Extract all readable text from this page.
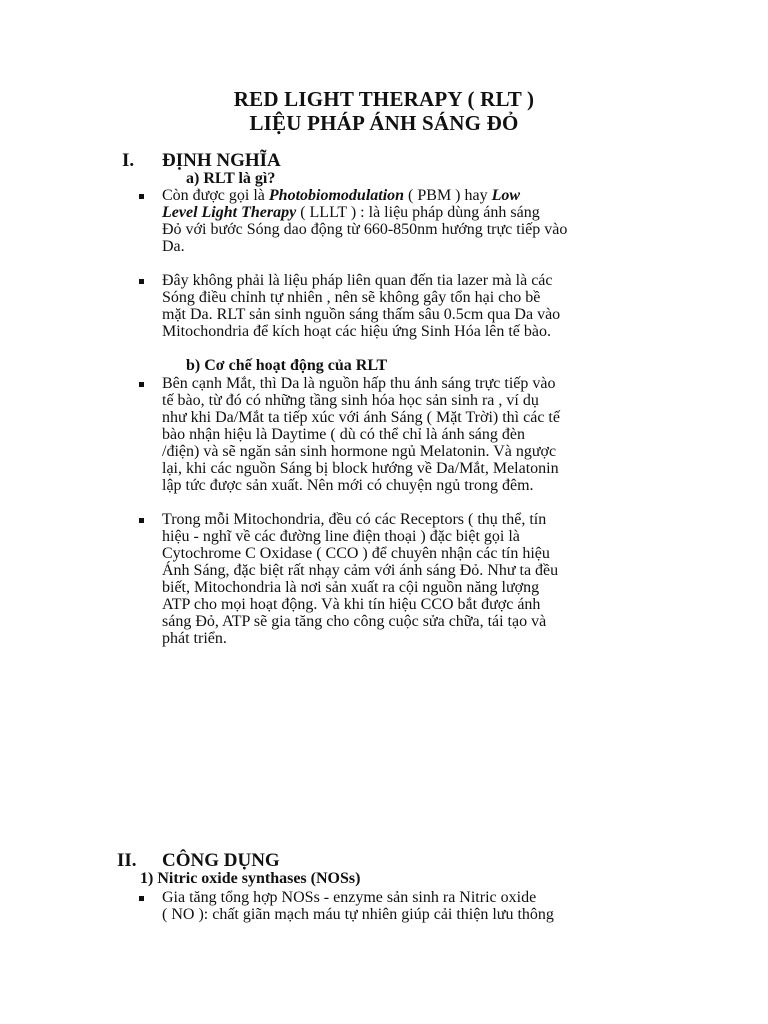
RED LIGHT THERAPY ( RLT )
LIỆU PHÁP ÁNH SÁNG ĐỎ
I. ĐỊNH NGHĨA
a) RLT là gì?
Còn được gọi là Photobiomodulation ( PBM ) hay Low
Level Light Therapy ( LLLT ) : là liệu pháp dùng ánh sáng
Đỏ với bước Sóng dao động từ 660-850nm hướng trực tiếp vào
Da.
Đây không phải là liệu pháp liên quan đến tia lazer mà là các
Sóng điều chỉnh tự nhiên , nên sẽ không gây tổn hại cho bề
mặt Da. RLT sản sinh nguồn sáng thấm sâu 0.5cm qua Da vào
Mitochondria để kích hoạt các hiệu ứng Sinh Hóa lên tế bào.
b) Cơ chế hoạt động của RLT
Bên cạnh Mắt, thì Da là nguồn hấp thu ánh sáng trực tiếp vào
tế bào, từ đó có những tầng sinh hóa học sản sinh ra , ví dụ
như khi Da/Mắt ta tiếp xúc với ánh Sáng ( Mặt Trời) thì các tế
bào nhận hiệu là Daytime ( dù có thể chỉ là ánh sáng đèn
/điện) và sẽ ngăn sản sinh hormone ngủ Melatonin. Và ngược
lại, khi các nguồn Sáng bị block hướng về Da/Mắt, Melatonin
lập tức được sản xuất. Nên mới có chuyện ngủ trong đêm.
Trong mỗi Mitochondria, đều có các Receptors ( thụ thể, tín
hiệu - nghĩ về các đường line điện thoại ) đặc biệt gọi là
Cytochrome C Oxidase ( CCO ) để chuyên nhận các tín hiệu
Ánh Sáng, đặc biệt rất nhạy cảm với ánh sáng Đỏ. Như ta đều
biết, Mitochondria là nơi sản xuất ra cội nguồn năng lượng
ATP cho mọi hoạt động. Và khi tín hiệu CCO bắt được ánh
sáng Đỏ, ATP sẽ gia tăng cho công cuộc sửa chữa, tái tạo và
phát triển.
II. CÔNG DỤNG
1) Nitric oxide synthases (NOSs)
Gia tăng tổng hợp NOSs - enzyme sản sinh ra Nitric oxide
( NO ): chất giãn mạch máu tự nhiên giúp cải thiện lưu thông
